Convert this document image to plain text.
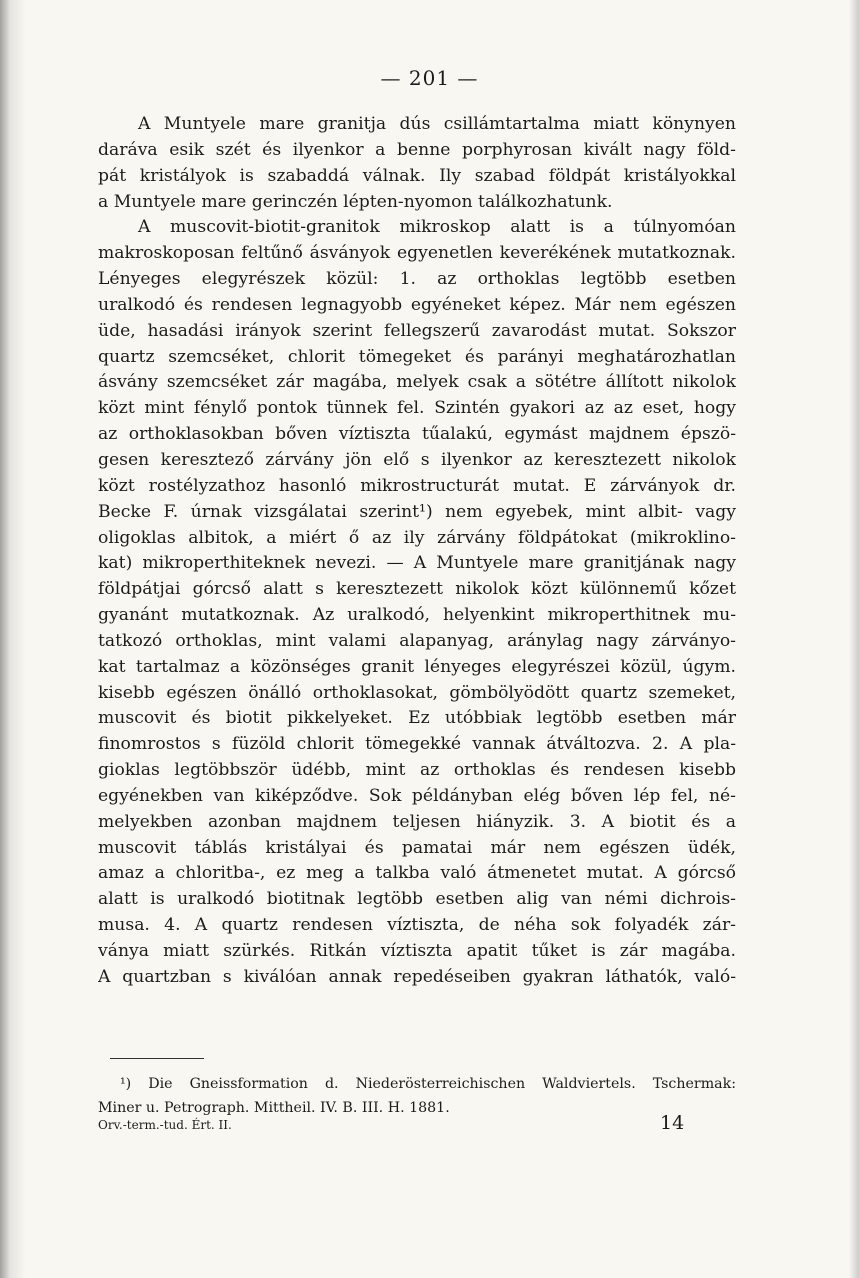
— 201 —
A Muntyele mare granitja dús csillámtartalma miatt könynyen
daráva esik szét és ilyenkor a benne porphyrosan kivált nagy föld-
pát kristályok is szabaddá válnak. Ily szabad földpát kristályokkal
a Muntyele mare gerinczén lépten-nyomon találkozhatunk.
A muscovit-biotit-granitok mikroskop alatt is a túlnyomóan
makroskoposan feltűnő ásványok egyenetlen keverékének mutatkoznak.
Lényeges elegyrészek közül: 1. az orthoklas legtöbb esetben
uralkodó és rendesen legnagyobb egyéneket képez. Már nem egészen
üde, hasadási irányok szerint fellegszerű zavarodást mutat. Sokszor
quartz szemcséket, chlorit tömegeket és parányi meghatározhatlan
ásvány szemcséket zár magába, melyek csak a sötétre állított nikolok
közt mint fénylő pontok tünnek fel. Szintén gyakori az az eset, hogy
az orthoklasokban bőven víztiszta tűalakú, egymást majdnem épszö-
gesen keresztező zárvány jön elő s ilyenkor az keresztezett nikolok
közt rostélyzathoz hasonló mikrostructurát mutat. E zárványok dr.
Becke F. úrnak vizsgálatai szerint¹) nem egyebek, mint albit- vagy
oligoklas albitok, a miért ő az ily zárvány földpátokat (mikroklino-
kat) mikroperthiteknek nevezi. — A Muntyele mare granitjának nagy
földpátjai górcső alatt s keresztezett nikolok közt különnemű kőzet
gyanánt mutatkoznak. Az uralkodó, helyenkint mikroperthitnek mu-
tatkozó orthoklas, mint valami alapanyag, aránylag nagy zárványo-
kat tartalmaz a közönséges granit lényeges elegyrészei közül, úgym.
kisebb egészen önálló orthoklasokat, gömbölyödött quartz szemeket,
muscovit és biotit pikkelyeket. Ez utóbbiak legtöbb esetben már
finomrostos s füzöld chlorit tömegekké vannak átváltozva. 2. A pla-
gioklas legtöbbször üdébb, mint az orthoklas és rendesen kisebb
egyénekben van kiképződve. Sok példányban elég bőven lép fel, né-
melyekben azonban majdnem teljesen hiányzik. 3. A biotit és a
muscovit táblás kristályai és pamatai már nem egészen üdék,
amaz a chloritba-, ez meg a talkba való átmenetet mutat. A górcső
alatt is uralkodó biotitnak legtöbb esetben alig van némi dichrois-
musa. 4. A quartz rendesen víztiszta, de néha sok folyadék zár-
ványa miatt szürkés. Ritkán víztiszta apatit tűket is zár magába.
A quartzban s kiválóan annak repedéseiben gyakran láthatók, való-
¹) Die Gneissformation d. Niederösterreichischen Waldviertels. Tschermak:
Miner u. Petrograph. Mittheil. IV. B. III. H. 1881.
Orv.-term.-tud. Ért. II.	14
